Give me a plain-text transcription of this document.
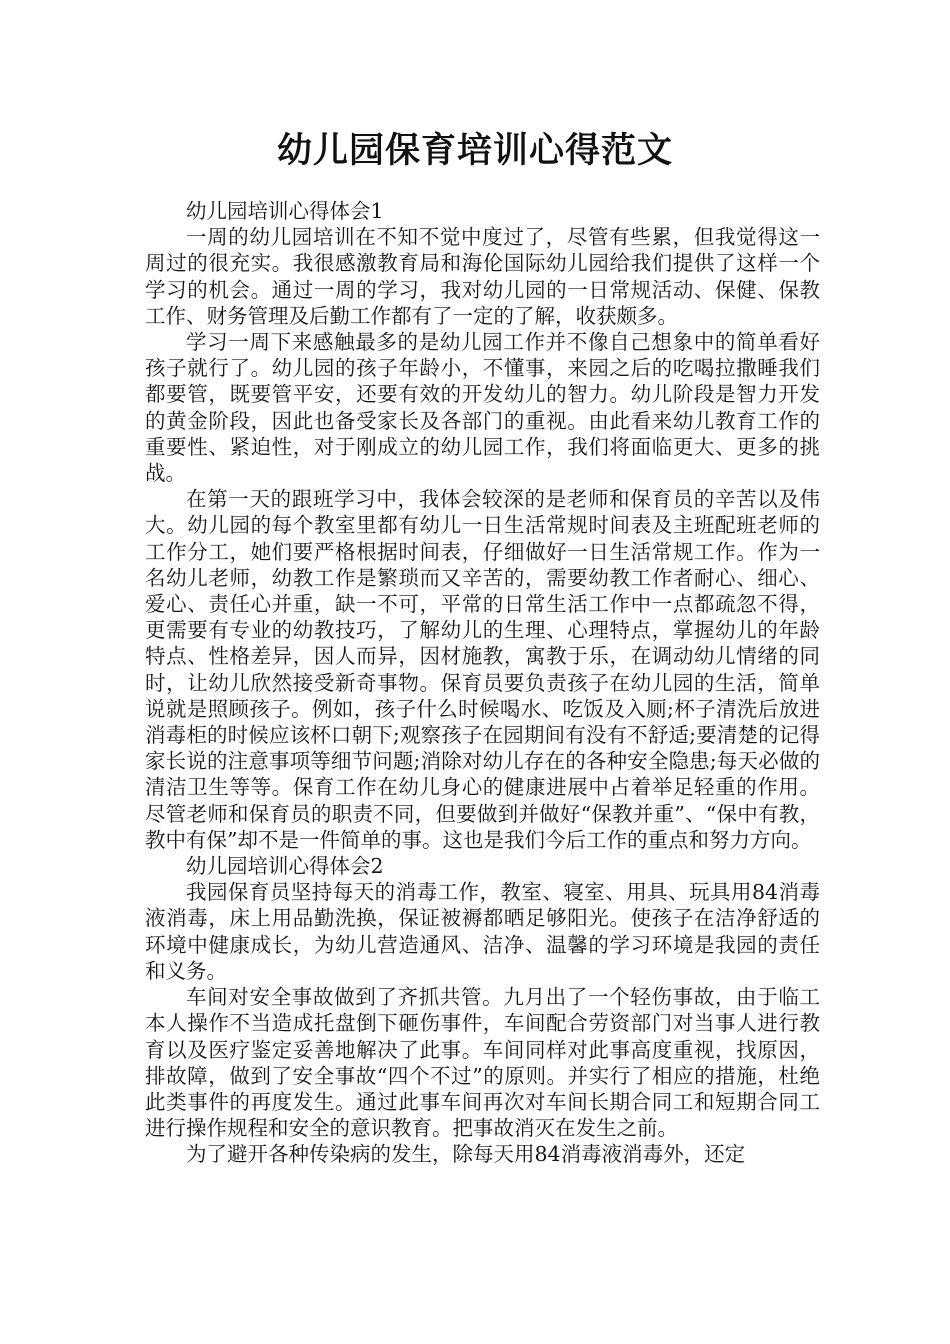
幼儿园保育培训心得范文

幼儿园培训心得体会1

一周的幼儿园培训在不知不觉中度过了，尽管有些累，但我觉得这一周过的很充实。我很感激教育局和海伦国际幼儿园给我们提供了这样一个学习的机会。通过一周的学习，我对幼儿园的一日常规活动、保健、保教工作、财务管理及后勤工作都有了一定的了解，收获颇多。

学习一周下来感触最多的是幼儿园工作并不像自己想象中的简单看好孩子就行了。幼儿园的孩子年龄小，不懂事，来园之后的吃喝拉撒睡我们都要管，既要管平安，还要有效的开发幼儿的智力。幼儿阶段是智力开发的黄金阶段，因此也备受家长及各部门的重视。由此看来幼儿教育工作的重要性、紧迫性，对于刚成立的幼儿园工作，我们将面临更大、更多的挑战。

在第一天的跟班学习中，我体会较深的是老师和保育员的辛苦以及伟大。幼儿园的每个教室里都有幼儿一日生活常规时间表及主班配班老师的工作分工，她们要严格根据时间表，仔细做好一日生活常规工作。作为一名幼儿老师，幼教工作是繁琐而又辛苦的，需要幼教工作者耐心、细心、爱心、责任心并重，缺一不可，平常的日常生活工作中一点都疏忽不得，更需要有专业的幼教技巧，了解幼儿的生理、心理特点，掌握幼儿的年龄特点、性格差异，因人而异，因材施教，寓教于乐，在调动幼儿情绪的同时，让幼儿欣然接受新奇事物。保育员要负责孩子在幼儿园的生活，简单说就是照顾孩子。例如，孩子什么时候喝水、吃饭及入厕;杯子清洗后放进消毒柜的时候应该杯口朝下;观察孩子在园期间有没有不舒适;要清楚的记得家长说的注意事项等细节问题;消除对幼儿存在的各种安全隐患;每天必做的清洁卫生等等。保育工作在幼儿身心的健康进展中占着举足轻重的作用。尽管老师和保育员的职责不同，但要做到并做好“保教并重”、“保中有教，教中有保”却不是一件简单的事。这也是我们今后工作的重点和努力方向。

幼儿园培训心得体会2

我园保育员坚持每天的消毒工作，教室、寝室、用具、玩具用84消毒液消毒，床上用品勤洗换，保证被褥都晒足够阳光。使孩子在洁净舒适的环境中健康成长，为幼儿营造通风、洁净、温馨的学习环境是我园的责任和义务。

车间对安全事故做到了齐抓共管。九月出了一个轻伤事故，由于临工本人操作不当造成托盘倒下砸伤事件，车间配合劳资部门对当事人进行教育以及医疗鉴定妥善地解决了此事。车间同样对此事高度重视，找原因，排故障，做到了安全事故“四个不过”的原则。并实行了相应的措施，杜绝此类事件的再度发生。通过此事车间再次对车间长期合同工和短期合同工进行操作规程和安全的意识教育。把事故消灭在发生之前。

为了避开各种传染病的发生，除每天用84消毒液消毒外，还定
